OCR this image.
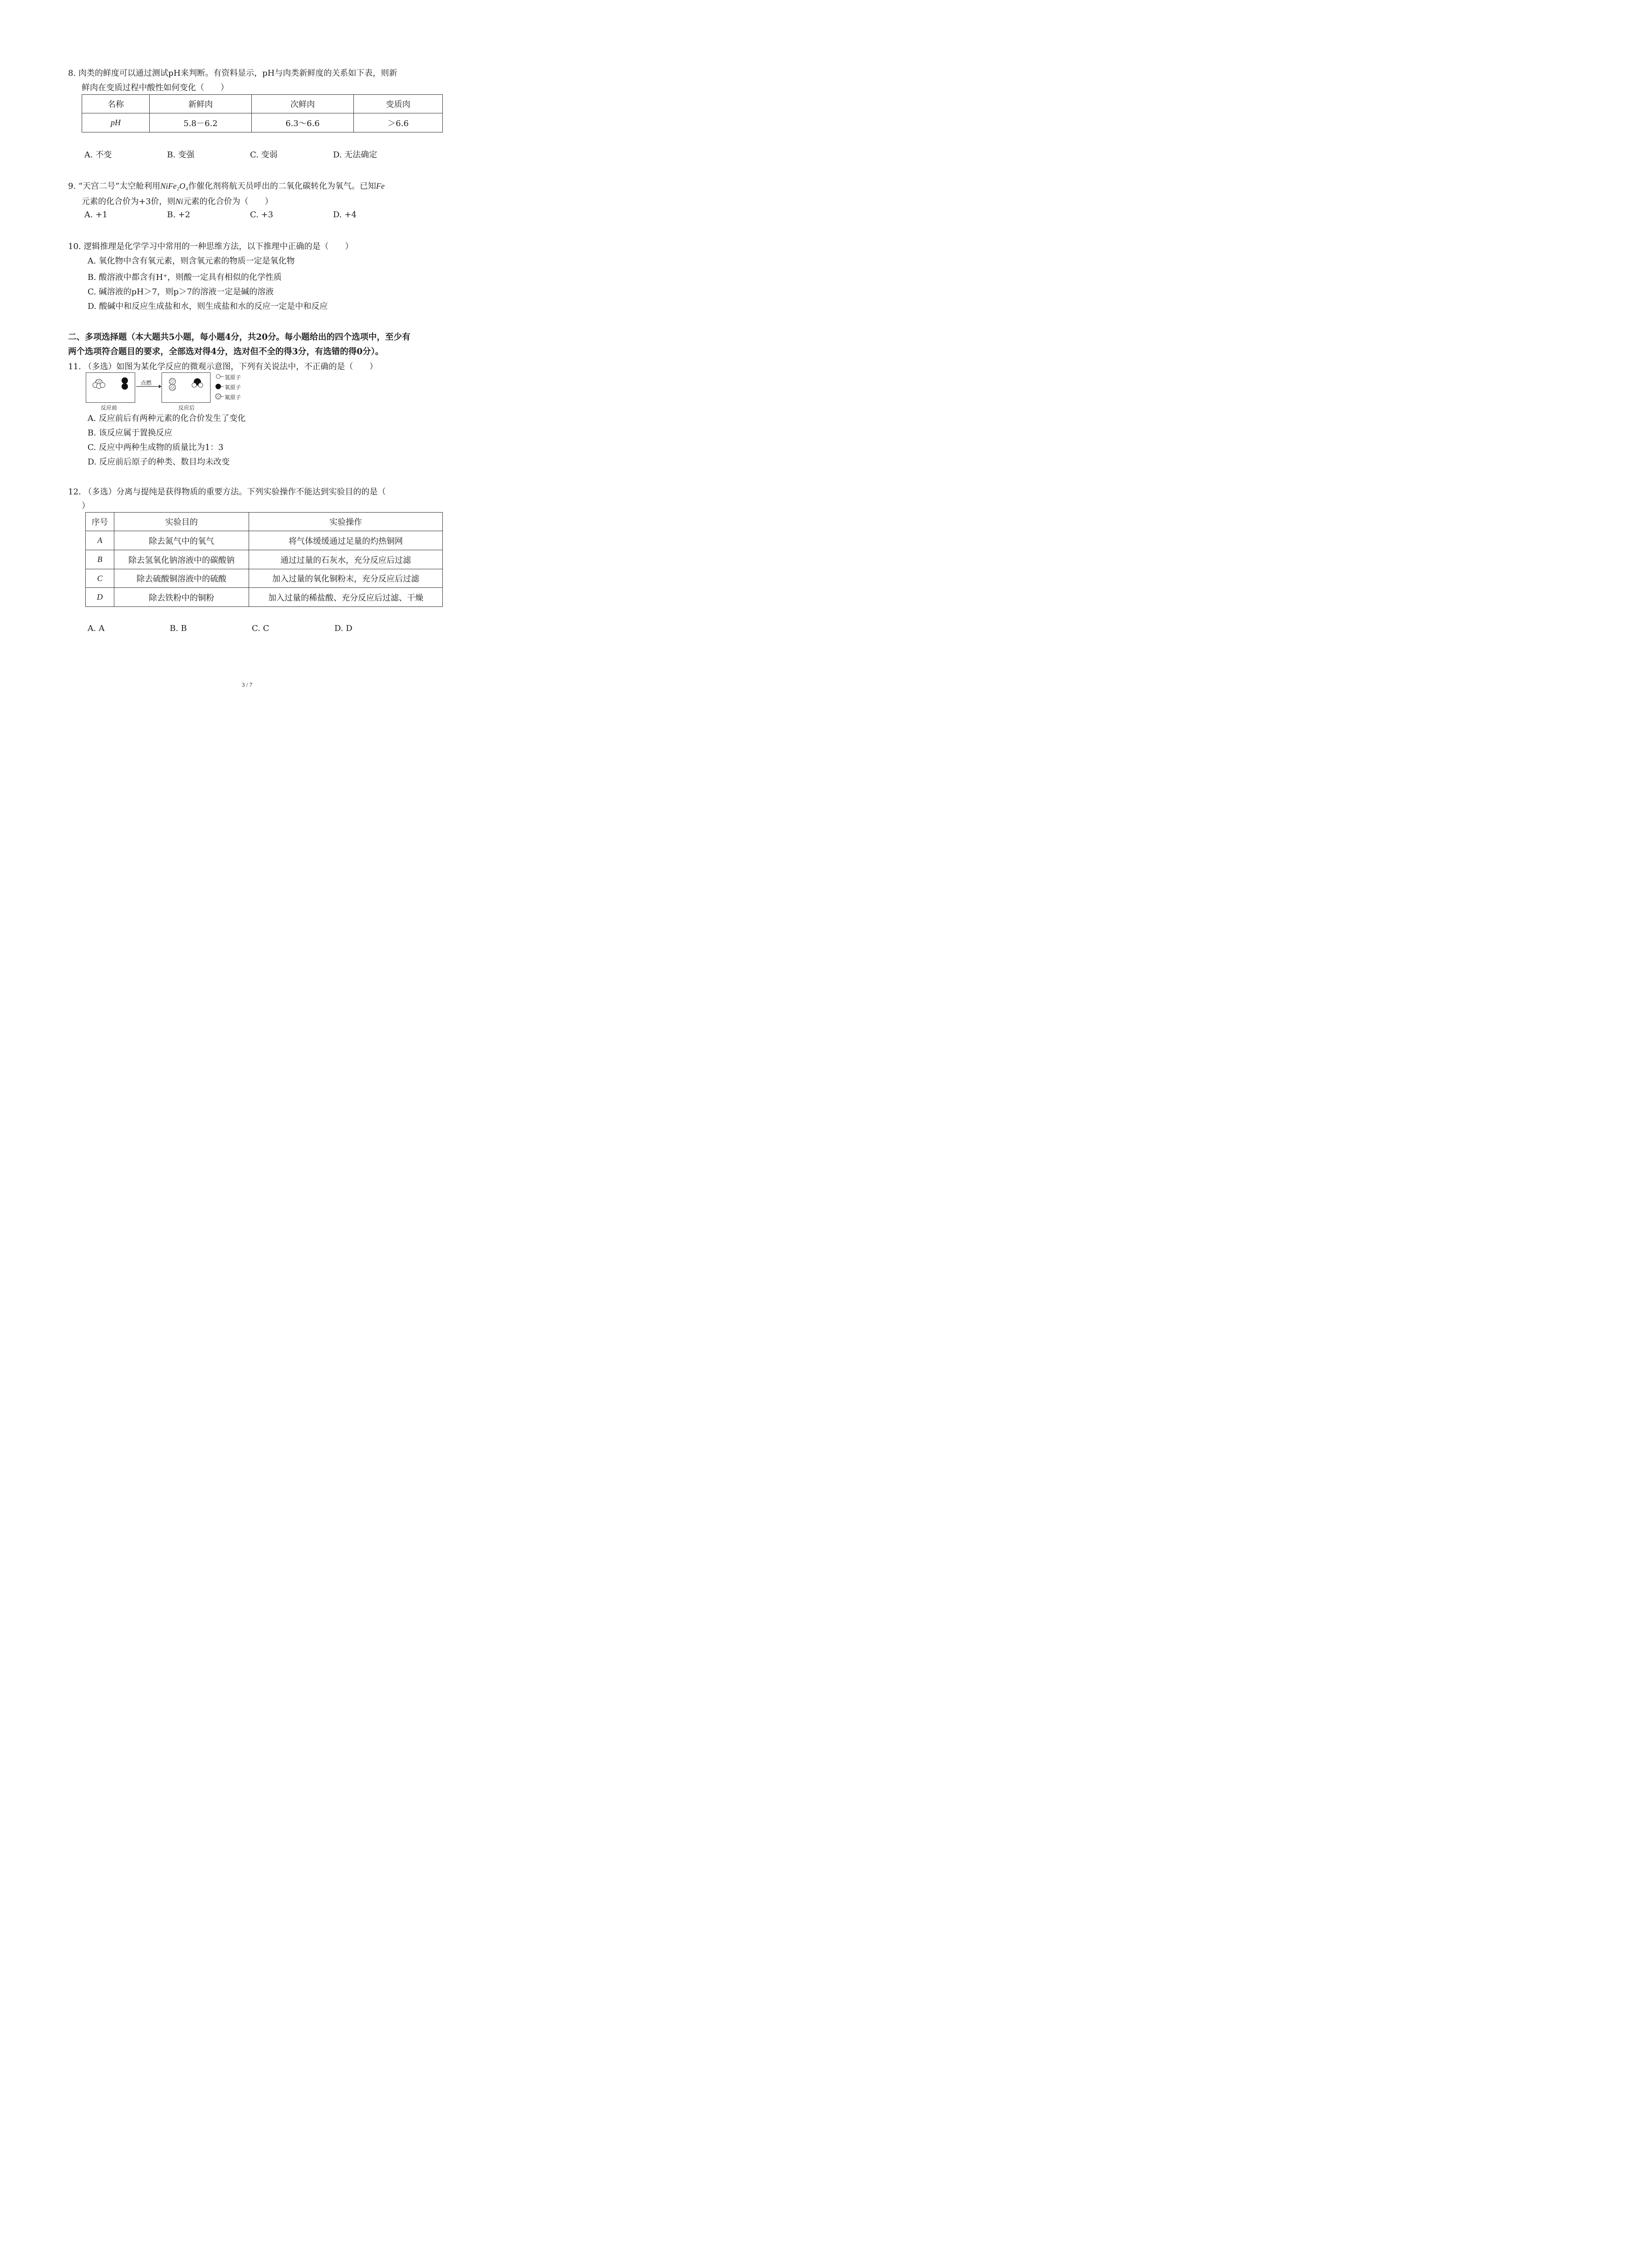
8. 肉类的鲜度可以通过测试pH来判断。有资料显示，pH与肉类新鲜度的关系如下表，则新
鲜肉在变质过程中酸性如何变化（　　）
名称	新鲜肉	次鲜肉	变质肉
pH	5.8－6.2	6.3～6.6	＞6.6
A. 不变	B. 变强	C. 变弱	D. 无法确定
9. “天宫二号”太空舱利用NiFe₂O₄作催化剂将航天员呼出的二氧化碳转化为氧气。已知Fe
元素的化合价为+3价，则Ni元素的化合价为（　　）
A. +1	B. +2	C. +3	D. +4
10. 逻辑推理是化学学习中常用的一种思维方法，以下推理中正确的是（　　）
A. 氧化物中含有氧元素，则含氧元素的物质一定是氧化物
B. 酸溶液中都含有H⁺，则酸一定具有相似的化学性质
C. 碱溶液的pH＞7，则p＞7的溶液一定是碱的溶液
D. 酸碱中和反应生成盐和水，则生成盐和水的反应一定是中和反应
二、多项选择题（本大题共5小题，每小题4分，共20分。每小题给出的四个选项中，至少有
两个选项符合题目的要求，全部选对得4分，选对但不全的得3分，有选错的得0分）。
11. （多选）如图为某化学反应的微观示意图，下列有关说法中，不正确的是（　　）
反应前
点燃
反应后
氢原子
氧原子
氮原子
A. 反应前后有两种元素的化合价发生了变化
B. 该反应属于置换反应
C. 反应中两种生成物的质量比为1：3
D. 反应前后原子的种类、数目均未改变
12. （多选）分离与提纯是获得物质的重要方法。下列实验操作不能达到实验目的的是（
）
序号	实验目的	实验操作
A	除去氮气中的氧气	将气体缓缓通过足量的灼热铜网
B	除去氢氧化钠溶液中的碳酸钠	通过过量的石灰水，充分反应后过滤
C	除去硫酸铜溶液中的硫酸	加入过量的氧化铜粉末，充分反应后过滤
D	除去铁粉中的铜粉	加入过量的稀盐酸、充分反应后过滤、干燥
A. A	B. B	C. C	D. D
3 / 7
